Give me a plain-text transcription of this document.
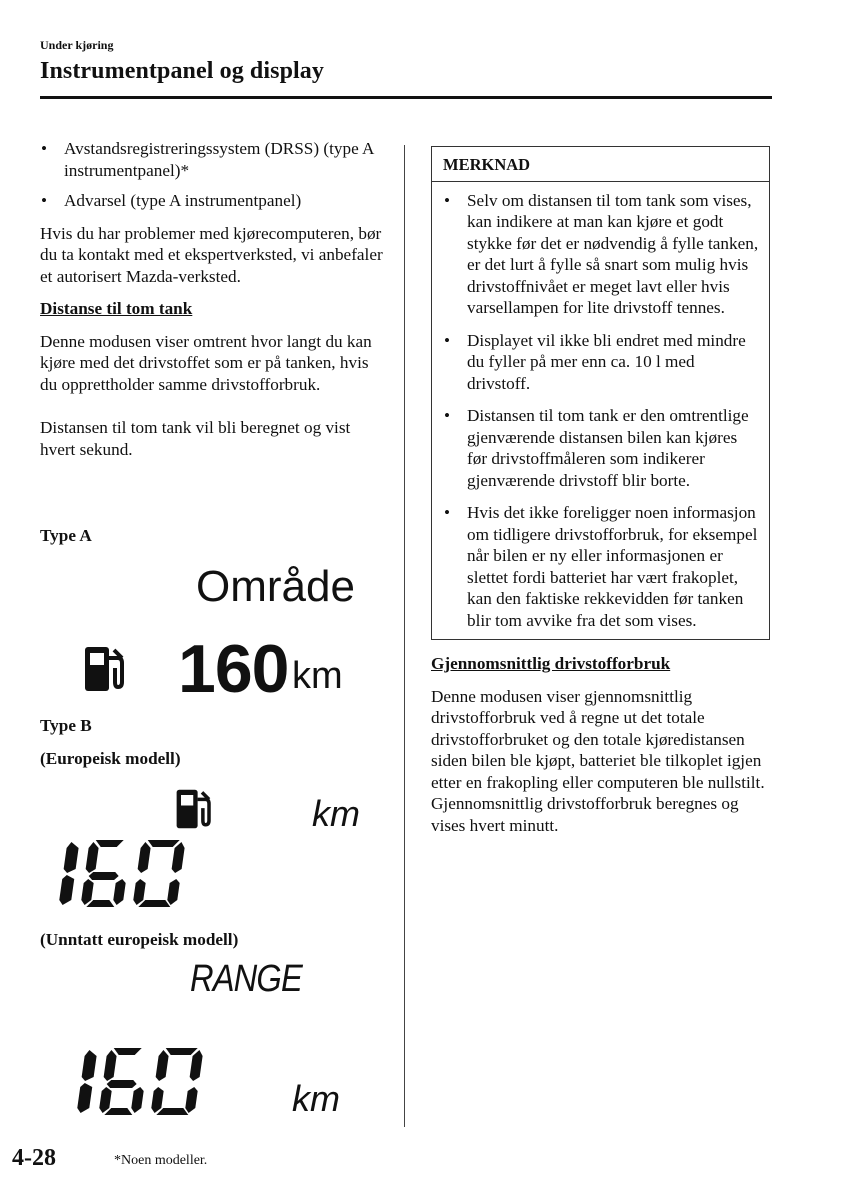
Under kjøring
Instrumentpanel og display
• Avstandsregistreringssystem (DRSS) (type A instrumentpanel)*
• Advarsel (type A instrumentpanel)

Hvis du har problemer med kjørecomputeren, bør du ta kontakt med et ekspertverksted, vi anbefaler et autorisert Mazda-verksted.

Distanse til tom tank

Denne modusen viser omtrent hvor langt du kan kjøre med det drivstoffet som er på tanken, hvis du opprettholder samme drivstofforbruk.

Distansen til tom tank vil bli beregnet og vist hvert sekund.

Type A
Område
160 km
Type B
(Europeisk modell)
km
(Unntatt europeisk modell)
RANGE
km
MERKNAD
• Selv om distansen til tom tank som vises, kan indikere at man kan kjøre et godt stykke før det er nødvendig å fylle tanken, er det lurt å fylle så snart som mulig hvis drivstoffnivået er meget lavt eller hvis varsellampen for lite drivstoff tennes.
• Displayet vil ikke bli endret med mindre du fyller på mer enn ca. 10 l med drivstoff.
• Distansen til tom tank er den omtrentlige gjenværende distansen bilen kan kjøres før drivstoffmåleren som indikerer gjenværende drivstoff blir borte.
• Hvis det ikke foreligger noen informasjon om tidligere drivstofforbruk, for eksempel når bilen er ny eller informasjonen er slettet fordi batteriet har vært frakoplet, kan den faktiske rekkevidden før tanken blir tom avvike fra det som vises.
Gjennomsnittlig drivstofforbruk

Denne modusen viser gjennomsnittlig drivstofforbruk ved å regne ut det totale drivstofforbruket og den totale kjøredistansen siden bilen ble kjøpt, batteriet ble tilkoplet igjen etter en frakopling eller computeren ble nullstilt. Gjennomsnittlig drivstofforbruk beregnes og vises hvert minutt.

4-28	*Noen modeller.
